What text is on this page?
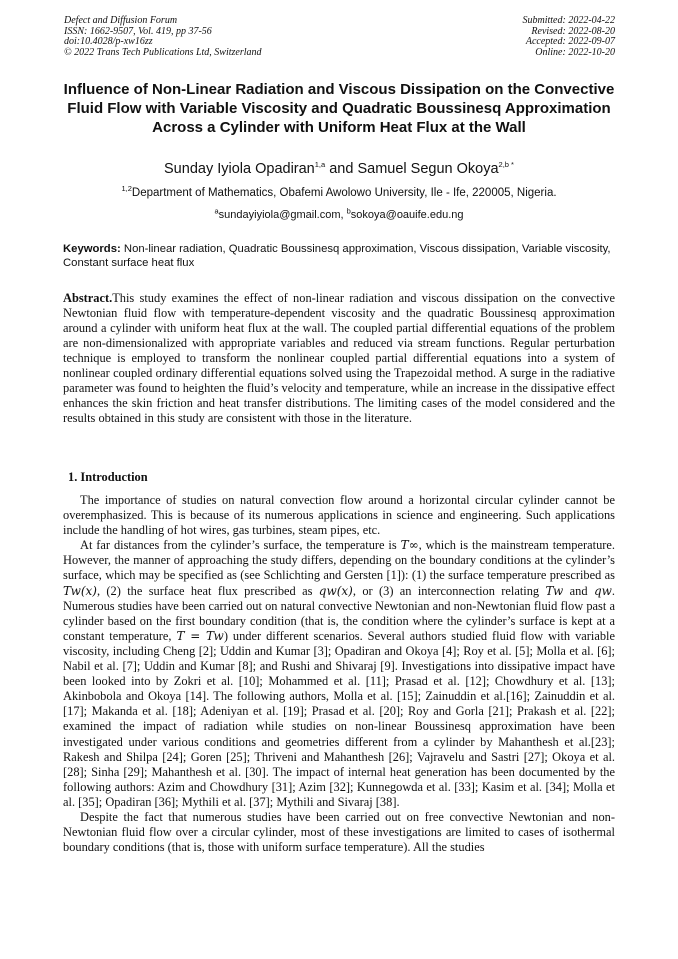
Defect and Diffusion Forum
ISSN: 1662-9507, Vol. 419, pp 37-56
doi:10.4028/p-xw16zz
© 2022 Trans Tech Publications Ltd, Switzerland
Submitted: 2022-04-22
Revised: 2022-08-20
Accepted: 2022-09-07
Online: 2022-10-20
Influence of Non-Linear Radiation and Viscous Dissipation on the Convective Fluid Flow with Variable Viscosity and Quadratic Boussinesq Approximation Across a Cylinder with Uniform Heat Flux at the Wall
Sunday Iyiola Opadiran$^{1,a}$ and Samuel Segun Okoya$^{2,b *}$
$^{1,2}$Department of Mathematics, Obafemi Awolowo University, Ile - Ife, 220005, Nigeria.
$^a$sundayiyiola@gmail.com, $^b$sokoya@oauife.edu.ng
Keywords: Non-linear radiation, Quadratic Boussinesq approximation, Viscous dissipation, Variable viscosity, Constant surface heat flux
Abstract.This study examines the effect of non-linear radiation and viscous dissipation on the convective Newtonian fluid flow with temperature-dependent viscosity and the quadratic Boussinesq approximation around a cylinder with uniform heat flux at the wall. The coupled partial differential equations of the problem are non-dimensionalized with appropriate variables and reduced via stream functions. Regular perturbation technique is employed to transform the nonlinear coupled partial differential equations into a system of nonlinear coupled ordinary differential equations solved using the Trapezoidal method. A surge in the radiative parameter was found to heighten the fluid’s velocity and temperature, while an increase in the dissipative effect enhances the skin friction and heat transfer distributions. The limiting cases of the model considered and the results obtained in this study are consistent with those in the literature.
1. Introduction

The importance of studies on natural convection flow around a horizontal circular cylinder cannot be overemphasized. This is because of its numerous applications in science and engineering. Such applications include the handling of hot wires, gas turbines, steam pipes, etc.

At far distances from the cylinder’s surface, the temperature is T∞, which is the mainstream temperature. However, the manner of approaching the study differs, depending on the boundary conditions at the cylinder’s surface, which may be specified as (see Schlichting and Gersten [1]): (1) the surface temperature prescribed as Tw(x), (2) the surface heat flux prescribed as qw(x), or (3) an interconnection relating Tw and qw. Numerous studies have been carried out on natural convective Newtonian and non-Newtonian fluid flow past a cylinder based on the first boundary condition (that is, the condition where the cylinder’s surface is kept at a constant temperature, T = Tw) under different scenarios. Several authors studied fluid flow with variable viscosity, including Cheng [2]; Uddin and Kumar [3]; Opadiran and Okoya [4]; Roy et al. [5]; Molla et al. [6]; Nabil et al. [7]; Uddin and Kumar [8]; and Rushi and Shivaraj [9]. Investigations into dissipative impact have been looked into by Zokri et al. [10]; Mohammed et al. [11]; Prasad et al. [12]; Chowdhury et al. [13]; Akinbobola and Okoya [14]. The following authors, Molla et al. [15]; Zainuddin et al.[16]; Zainuddin et al.[17]; Makanda et al. [18]; Adeniyan et al. [19]; Prasad et al. [20]; Roy and Gorla [21]; Prakash et al. [22]; examined the impact of radiation while studies on non-linear Boussinesq approximation have been investigated under various conditions and geometries different from a cylinder by Mahanthesh et al.[23]; Rakesh and Shilpa [24]; Goren [25]; Thriveni and Mahanthesh [26]; Vajravelu and Sastri [27]; Okoya et al.[28]; Sinha [29]; Mahanthesh et al. [30]. The impact of internal heat generation has been documented by the following authors: Azim and Chowdhury [31]; Azim [32]; Kunnegowda et al. [33]; Kasim et al. [34]; Molla et al. [35]; Opadiran [36]; Mythili et al. [37]; Mythili and Sivaraj [38].

Despite the fact that numerous studies have been carried out on free convective Newtonian and non-Newtonian fluid flow over a circular cylinder, most of these investigations are limited to cases of isothermal boundary conditions (that is, those with uniform surface temperature). All the studies
